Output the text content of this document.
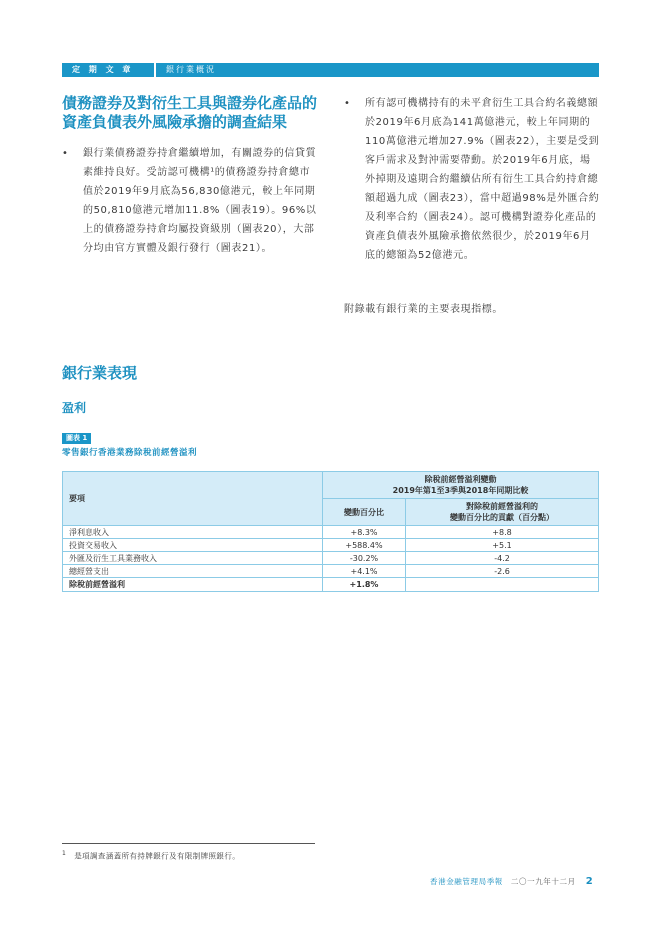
定 期 文 章	銀行業概況
債務證券及對衍生工具與證券化產品的資產負債表外風險承擔的調查結果
• 銀行業債務證券持倉繼續增加，有關證券的信貸質素維持良好。受訪認可機構¹的債務證券持倉總市值於2019年9月底為56,830億港元，較上年同期的50,810億港元增加11.8%（圖表19）。96%以上的債務證券持倉均屬投資級別（圖表20），大部分均由官方實體及銀行發行（圖表21）。
• 所有認可機構持有的未平倉衍生工具合約名義總額於2019年6月底為141萬億港元，較上年同期的110萬億港元增加27.9%（圖表22），主要是受到客戶需求及對沖需要帶動。於2019年6月底，場外掉期及遠期合約繼續佔所有衍生工具合約持倉總額超過九成（圖表23），當中超過98%是外匯合約及利率合約（圖表24）。認可機構對證券化產品的資產負債表外風險承擔依然很少，於2019年6月底的總額為52億港元。
附錄載有銀行業的主要表現指標。
銀行業表現
盈利
圖表 1
零售銀行香港業務除稅前經營溢利
要項	除稅前經營溢利變動
2019年第1至3季與2018年同期比較	
	變動百分比	對除稅前經營溢利的
變動百分比的貢獻（百分點）
淨利息收入	+8.3%	+8.8
投資交易收入	+588.4%	+5.1
外匯及衍生工具業務收入	-30.2%	-4.2
總經營支出	+4.1%	-2.6
除稅前經營溢利	+1.8%	
$^1$ 是項調查涵蓋所有持牌銀行及有限制牌照銀行。
香港金融管理局季報 二〇一九年十二月 2
